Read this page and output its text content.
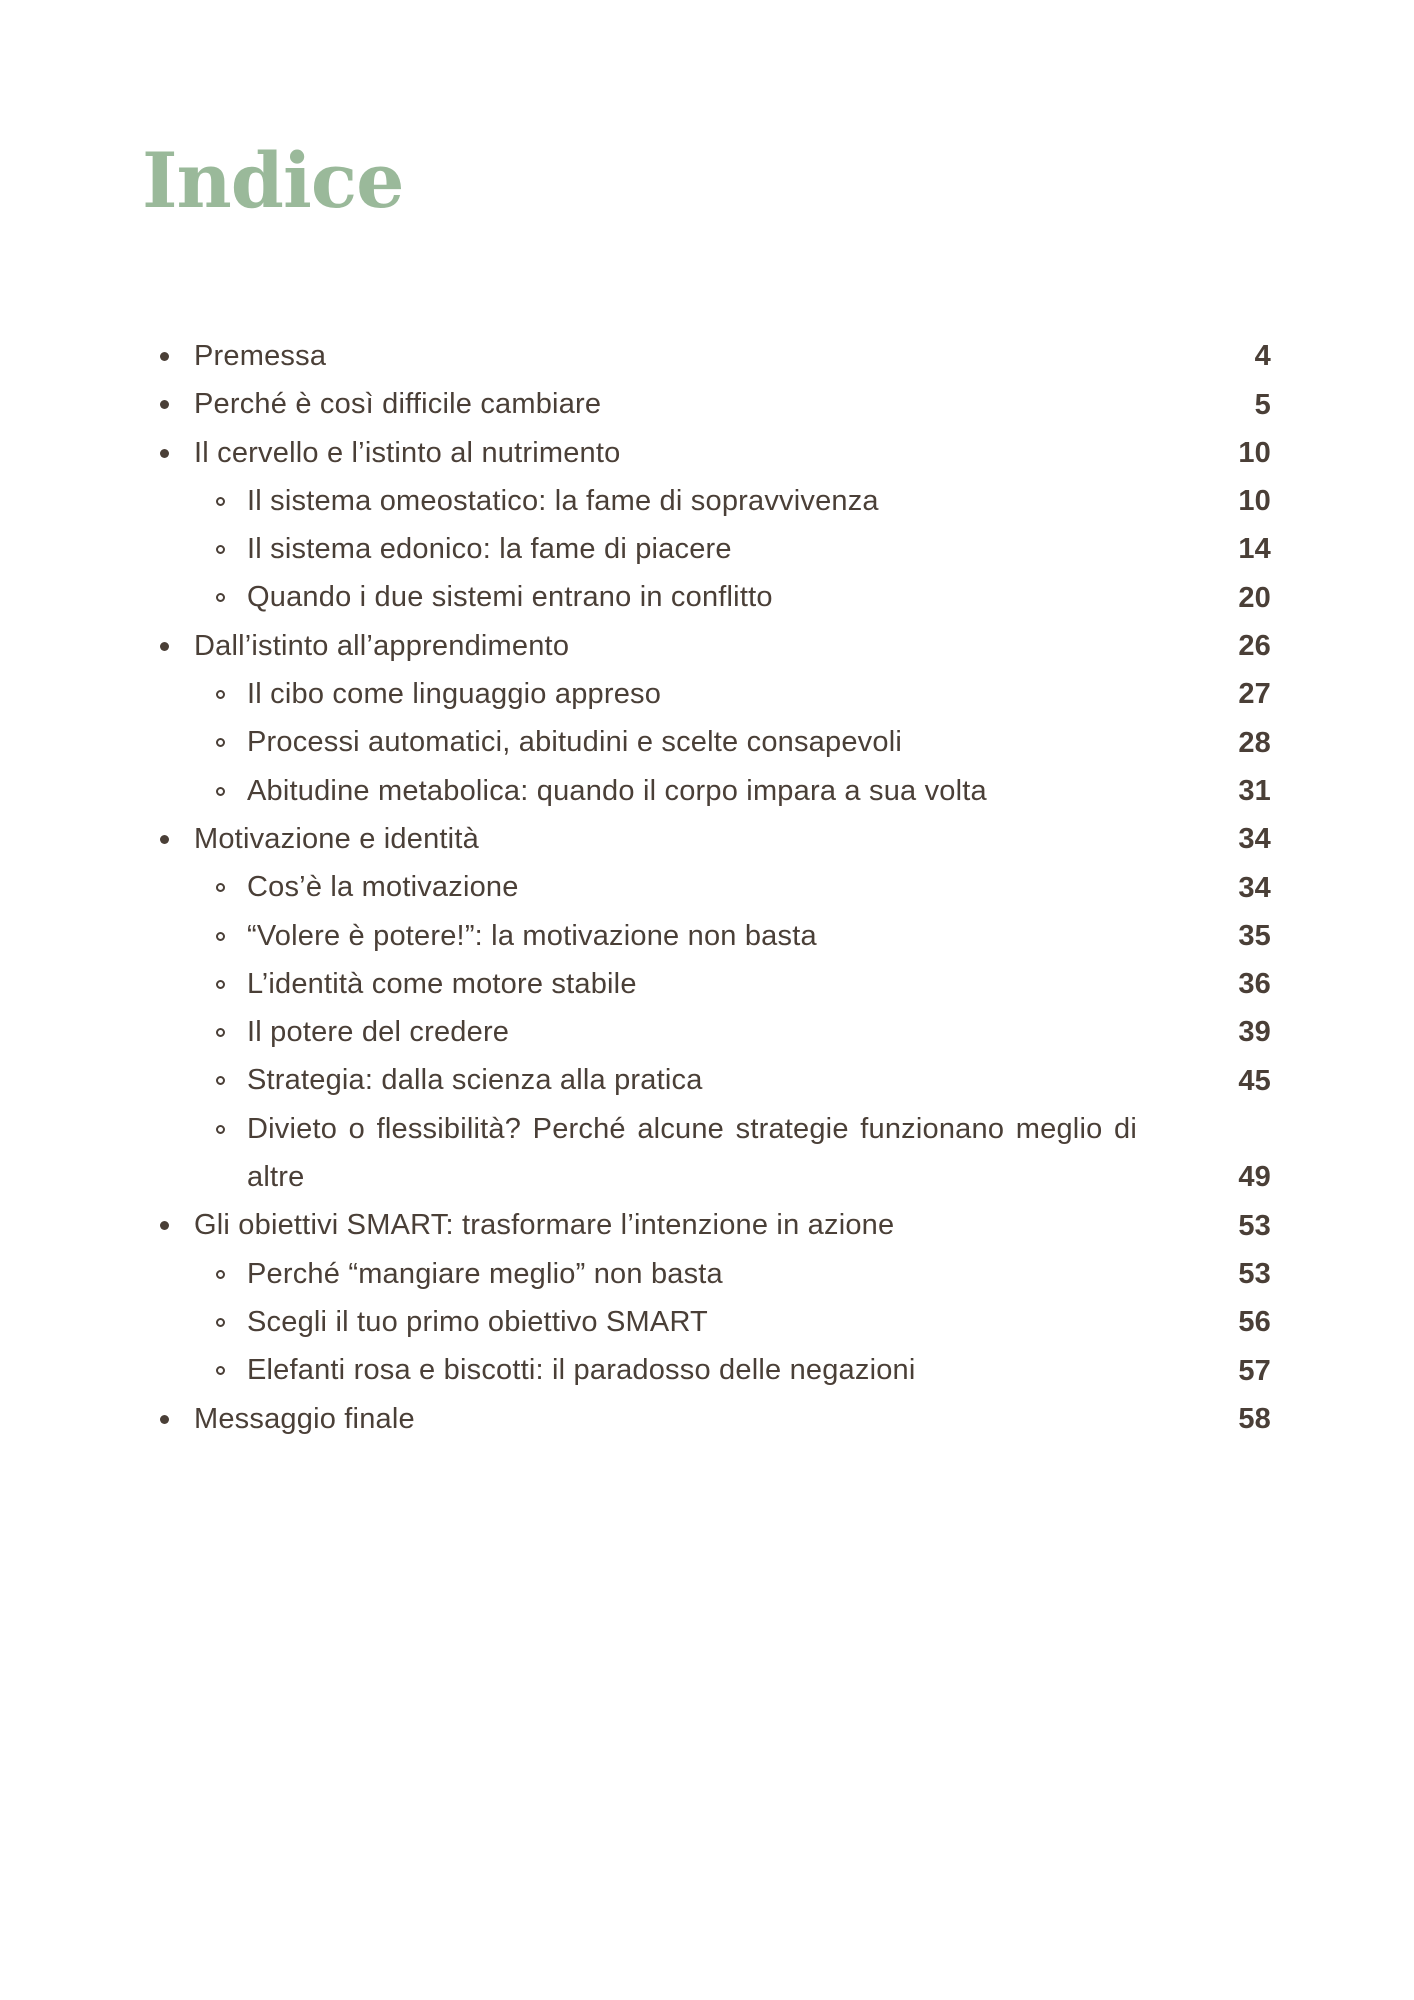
Indice
Premessa	4
Perché è così difficile cambiare	5
Il cervello e l’istinto al nutrimento	10
Il sistema omeostatico: la fame di sopravvivenza	10
Il sistema edonico: la fame di piacere	14
Quando i due sistemi entrano in conflitto	20
Dall’istinto all’apprendimento	26
Il cibo come linguaggio appreso	27
Processi automatici, abitudini e scelte consapevoli	28
Abitudine metabolica: quando il corpo impara a sua volta	31
Motivazione e identità	34
Cos’è la motivazione	34
“Volere è potere!”: la motivazione non basta	35
L’identità come motore stabile	36
Il potere del credere	39
Strategia: dalla scienza alla pratica	45
Divieto o flessibilità? Perché alcune strategie funzionano meglio di altre	49
Gli obiettivi SMART: trasformare l’intenzione in azione	53
Perché “mangiare meglio” non basta	53
Scegli il tuo primo obiettivo SMART	56
Elefanti rosa e biscotti: il paradosso delle negazioni	57
Messaggio finale	58
